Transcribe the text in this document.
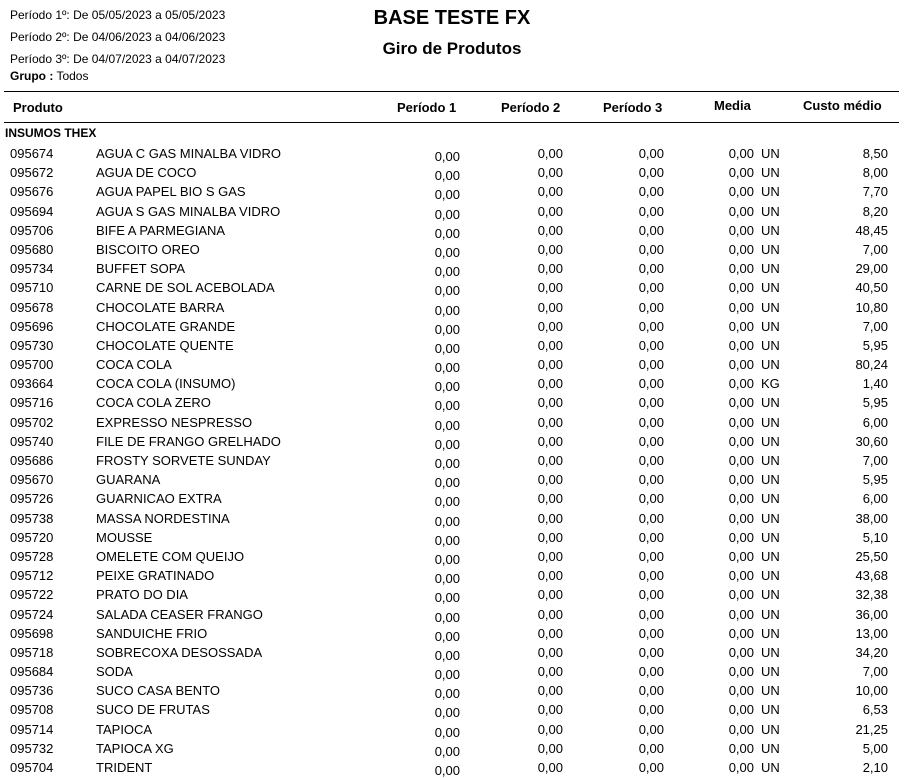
Período 1º: De 05/05/2023 a 05/05/2023
Período 2º: De 04/06/2023 a 04/06/2023
Período 3º: De 04/07/2023 a 04/07/2023
Grupo : Todos
BASE TESTE FX
Giro de Produtos
Produto	Período 1	Período 2	Período 3	Media	Custo médio
INSUMOS THEX
095674	AGUA C GAS MINALBA VIDRO	0,00	0,00	0,00	0,00 UN	8,50
095672	AGUA DE COCO	0,00	0,00	0,00	0,00 UN	8,00
095676	AGUA PAPEL BIO S GAS	0,00	0,00	0,00	0,00 UN	7,70
095694	AGUA S GAS MINALBA VIDRO	0,00	0,00	0,00	0,00 UN	8,20
095706	BIFE A PARMEGIANA	0,00	0,00	0,00	0,00 UN	48,45
095680	BISCOITO OREO	0,00	0,00	0,00	0,00 UN	7,00
095734	BUFFET SOPA	0,00	0,00	0,00	0,00 UN	29,00
095710	CARNE DE SOL ACEBOLADA	0,00	0,00	0,00	0,00 UN	40,50
095678	CHOCOLATE BARRA	0,00	0,00	0,00	0,00 UN	10,80
095696	CHOCOLATE GRANDE	0,00	0,00	0,00	0,00 UN	7,00
095730	CHOCOLATE QUENTE	0,00	0,00	0,00	0,00 UN	5,95
095700	COCA COLA	0,00	0,00	0,00	0,00 UN	80,24
093664	COCA COLA (INSUMO)	0,00	0,00	0,00	0,00 KG	1,40
095716	COCA COLA ZERO	0,00	0,00	0,00	0,00 UN	5,95
095702	EXPRESSO NESPRESSO	0,00	0,00	0,00	0,00 UN	6,00
095740	FILE DE FRANGO GRELHADO	0,00	0,00	0,00	0,00 UN	30,60
095686	FROSTY SORVETE SUNDAY	0,00	0,00	0,00	0,00 UN	7,00
095670	GUARANA	0,00	0,00	0,00	0,00 UN	5,95
095726	GUARNICAO EXTRA	0,00	0,00	0,00	0,00 UN	6,00
095738	MASSA NORDESTINA	0,00	0,00	0,00	0,00 UN	38,00
095720	MOUSSE	0,00	0,00	0,00	0,00 UN	5,10
095728	OMELETE COM QUEIJO	0,00	0,00	0,00	0,00 UN	25,50
095712	PEIXE GRATINADO	0,00	0,00	0,00	0,00 UN	43,68
095722	PRATO DO DIA	0,00	0,00	0,00	0,00 UN	32,38
095724	SALADA CEASER FRANGO	0,00	0,00	0,00	0,00 UN	36,00
095698	SANDUICHE FRIO	0,00	0,00	0,00	0,00 UN	13,00
095718	SOBRECOXA DESOSSADA	0,00	0,00	0,00	0,00 UN	34,20
095684	SODA	0,00	0,00	0,00	0,00 UN	7,00
095736	SUCO CASA BENTO	0,00	0,00	0,00	0,00 UN	10,00
095708	SUCO DE FRUTAS	0,00	0,00	0,00	0,00 UN	6,53
095714	TAPIOCA	0,00	0,00	0,00	0,00 UN	21,25
095732	TAPIOCA XG	0,00	0,00	0,00	0,00 UN	5,00
095704	TRIDENT	0,00	0,00	0,00	0,00 UN	2,10
